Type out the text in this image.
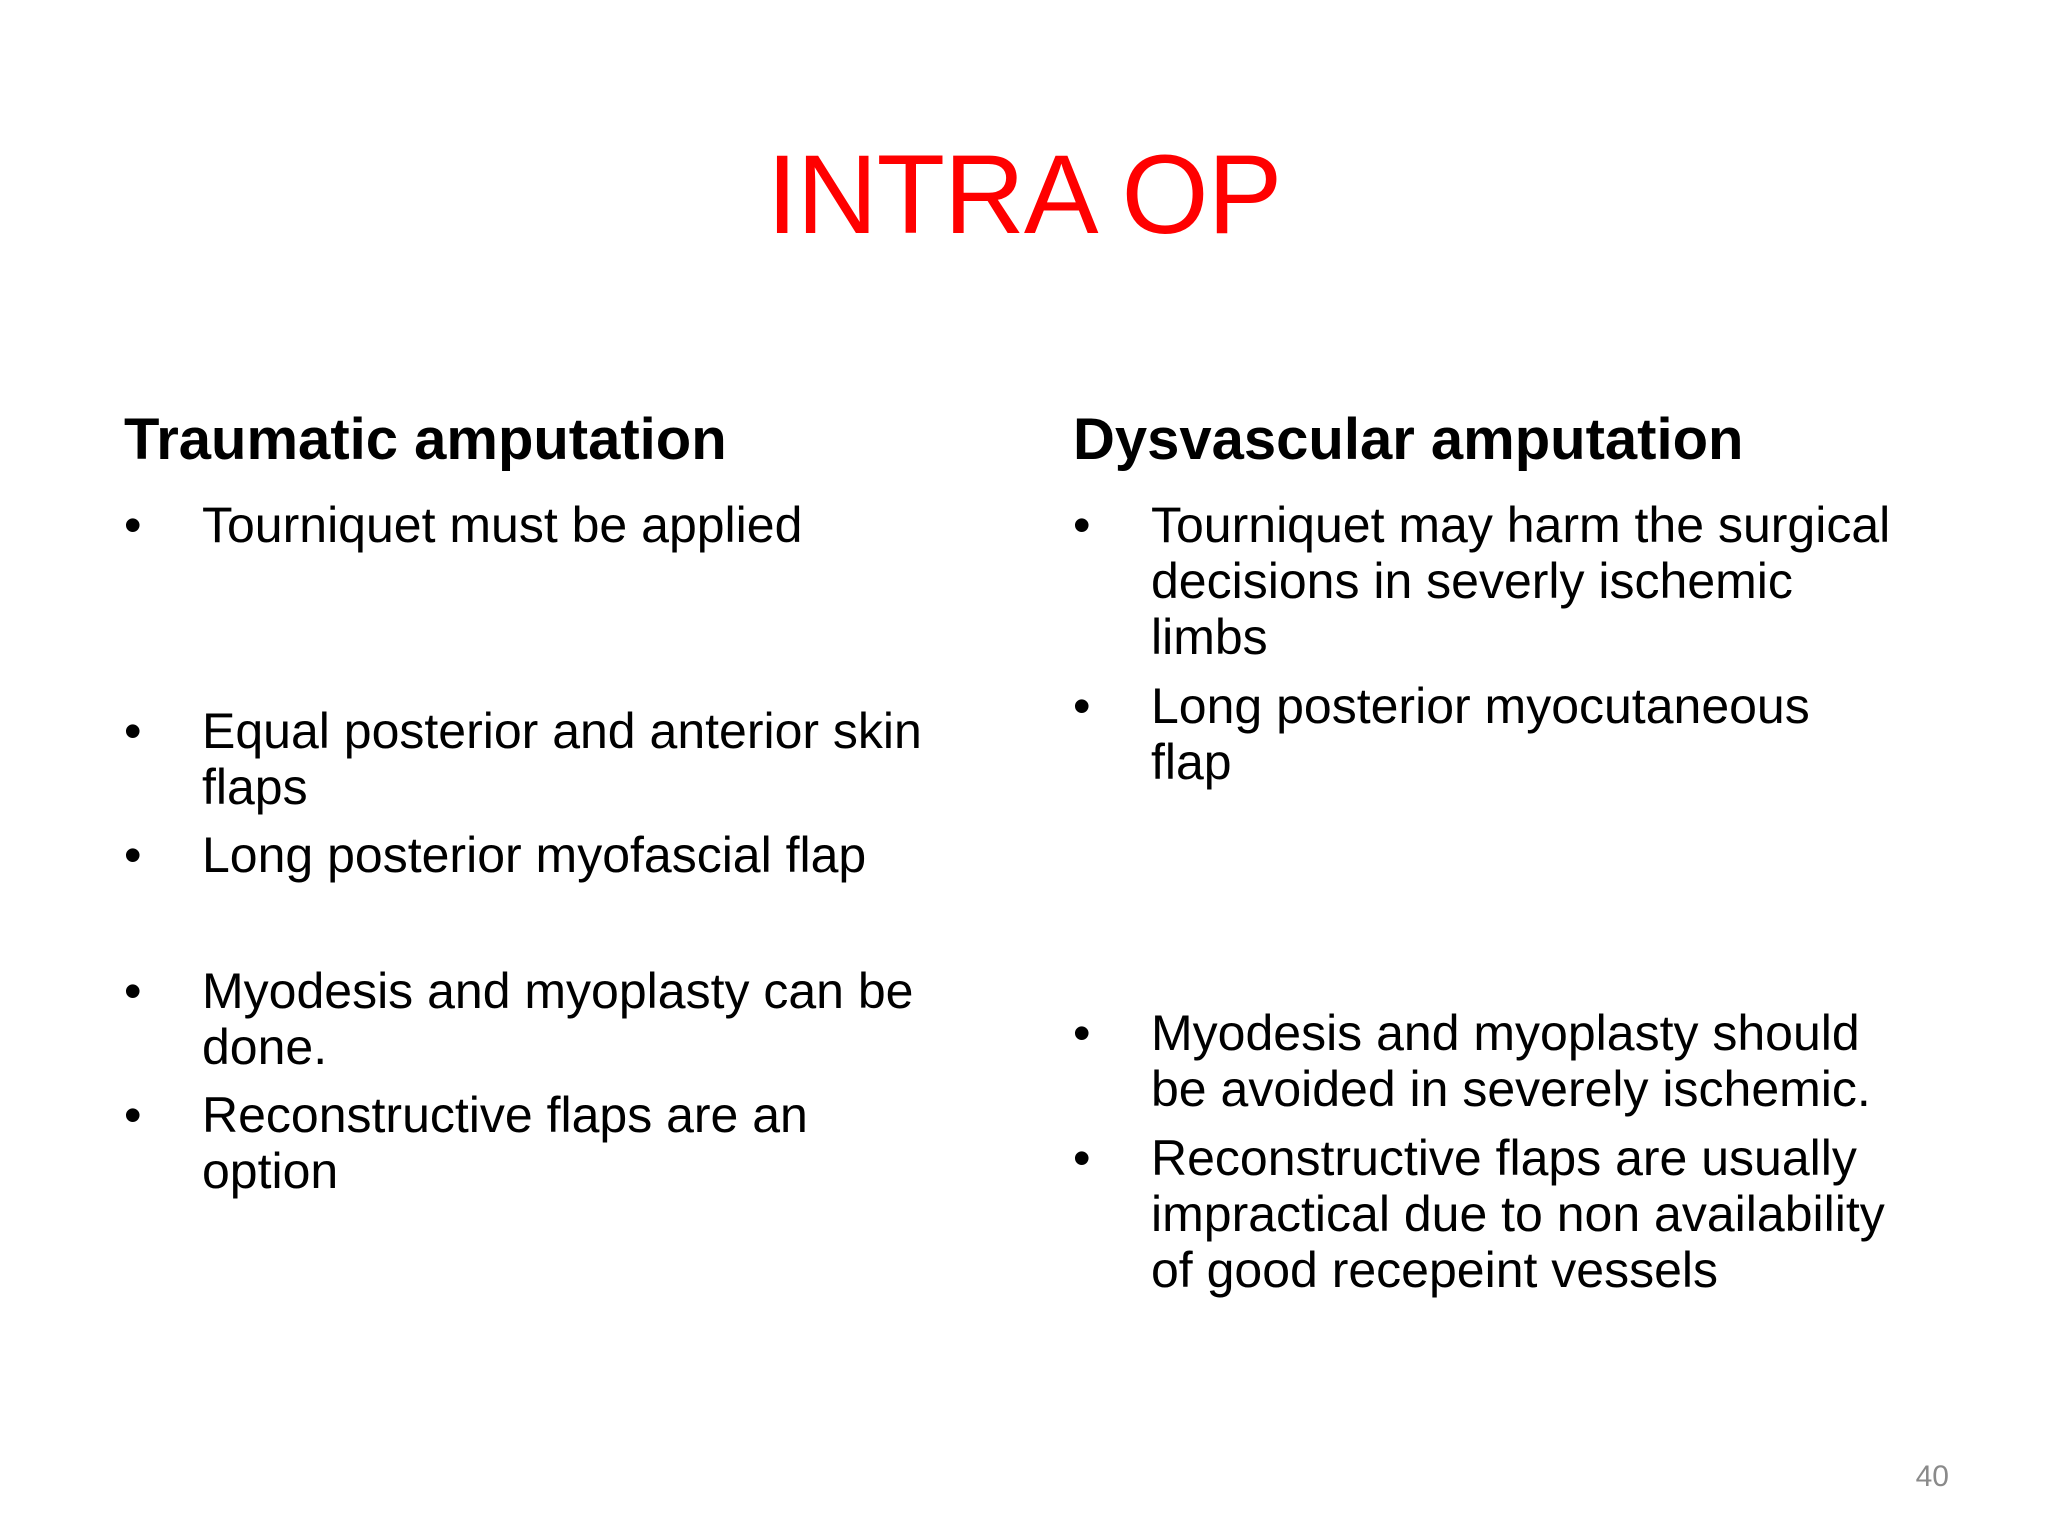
INTRA OP
Traumatic amputation
•	Tourniquet must be applied
•	Equal posterior and anterior skin
flaps
•	Long posterior myofascial flap
•	Myodesis and myoplasty can be
done.
•	Reconstructive flaps are an
option
Dysvascular amputation
•	Tourniquet may harm the surgical
decisions in severly ischemic
limbs
•	Long posterior myocutaneous
flap
•	Myodesis and myoplasty should
be avoided in severely ischemic.
•	Reconstructive flaps are usually
impractical due to non availability
of good recepeint vessels
40
